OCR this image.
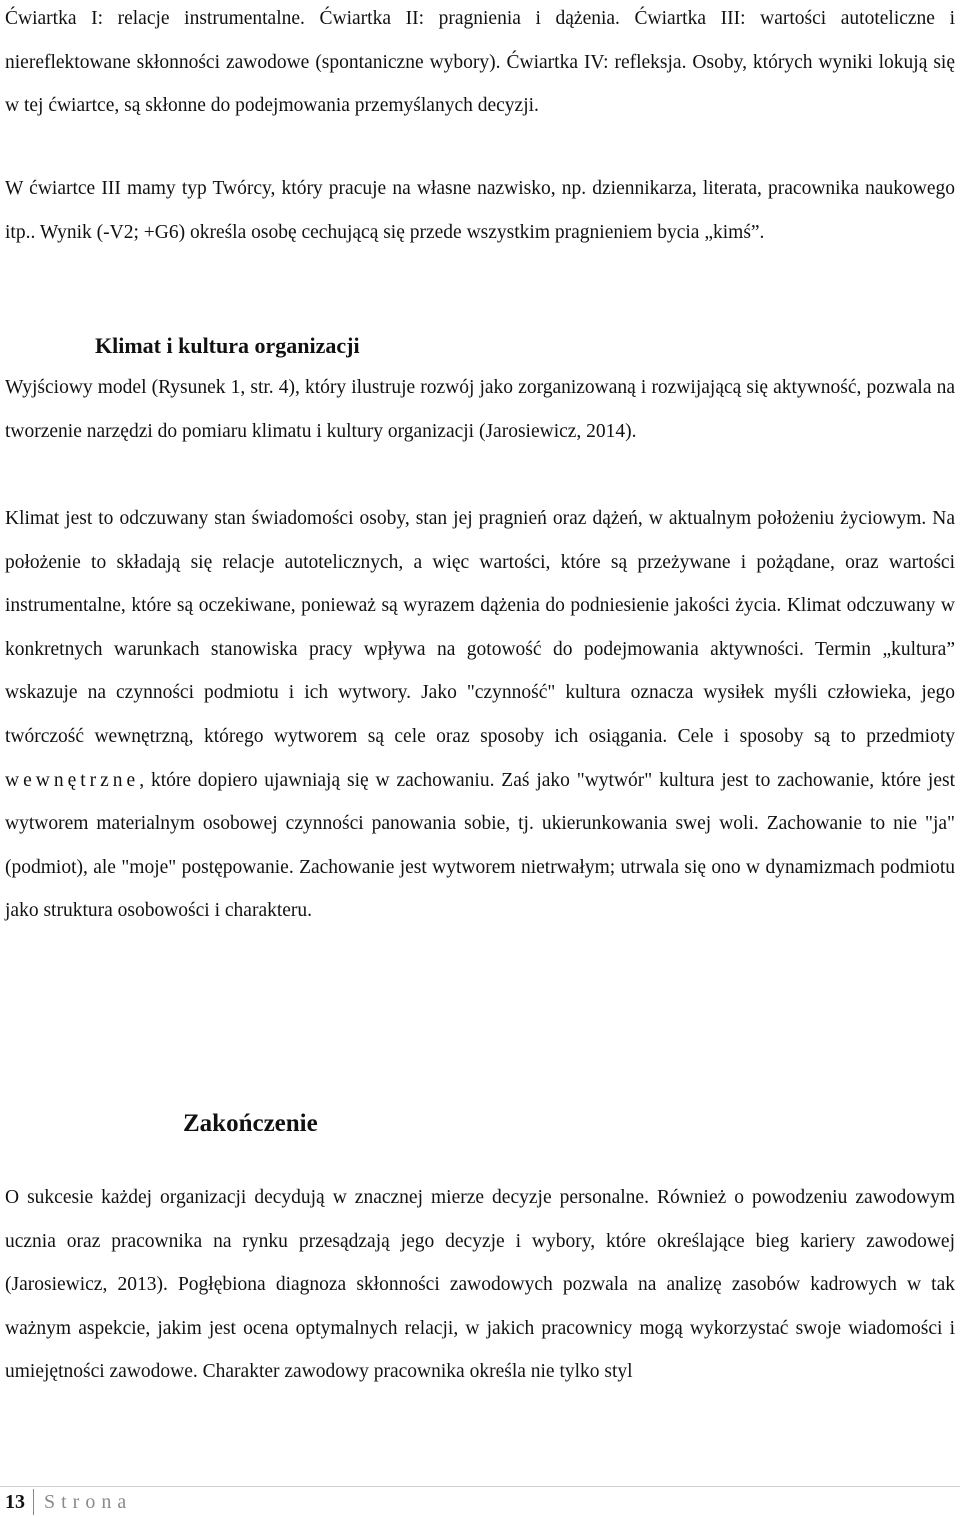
Ćwiartka I: relacje instrumentalne. Ćwiartka II: pragnienia i dążenia. Ćwiartka III: wartości autoteliczne i niereflektowane skłonności zawodowe (spontaniczne wybory). Ćwiartka IV: refleksja. Osoby, których wyniki lokują się w tej ćwiartce, są skłonne do podejmowania przemyślanych decyzji.

W ćwiartce III mamy typ Twórcy, który pracuje na własne nazwisko, np. dziennikarza, literata, pracownika naukowego itp.. Wynik (-V2; +G6) określa osobę cechującą się przede wszystkim pragnieniem bycia „kimś”.

Klimat i kultura organizacji

Wyjściowy model (Rysunek 1, str. 4), który ilustruje rozwój jako zorganizowaną i rozwijającą się aktywność, pozwala na tworzenie narzędzi do pomiaru klimatu i kultury organizacji (Jarosiewicz, 2014).

Klimat jest to odczuwany stan świadomości osoby, stan jej pragnień oraz dążeń, w aktualnym położeniu życiowym. Na położenie to składają się relacje autotelicznych, a więc wartości, które są przeżywane i pożądane, oraz wartości instrumentalne, które są oczekiwane, ponieważ są wyrazem dążenia do podniesienie jakości życia. Klimat odczuwany w konkretnych warunkach stanowiska pracy wpływa na gotowość do podejmowania aktywności. Termin „kultura” wskazuje na czynności podmiotu i ich wytwory. Jako "czynność" kultura oznacza wysiłek myśli człowieka, jego twórczość wewnętrzną, którego wytworem są cele oraz sposoby ich osiągania. Cele i sposoby są to przedmioty wewnętrzne, które dopiero ujawniają się w zachowaniu. Zaś jako "wytwór" kultura jest to zachowanie, które jest wytworem materialnym osobowej czynności panowania sobie, tj. ukierunkowania swej woli. Zachowanie to nie "ja" (podmiot), ale "moje" postępowanie. Zachowanie jest wytworem nietrwałym; utrwala się ono w dynamizmach podmiotu jako struktura osobowości i charakteru.

Zakończenie

O sukcesie każdej organizacji decydują w znacznej mierze decyzje personalne. Również o powodzeniu zawodowym ucznia oraz pracownika na rynku przesądzają jego decyzje i wybory, które określające bieg kariery zawodowej (Jarosiewicz, 2013). Pogłębiona diagnoza skłonności zawodowych pozwala na analizę zasobów kadrowych w tak ważnym aspekcie, jakim jest ocena optymalnych relacji, w jakich pracownicy mogą wykorzystać swoje wiadomości i umiejętności zawodowe. Charakter zawodowy pracownika określa nie tylko styl

13 Strona
